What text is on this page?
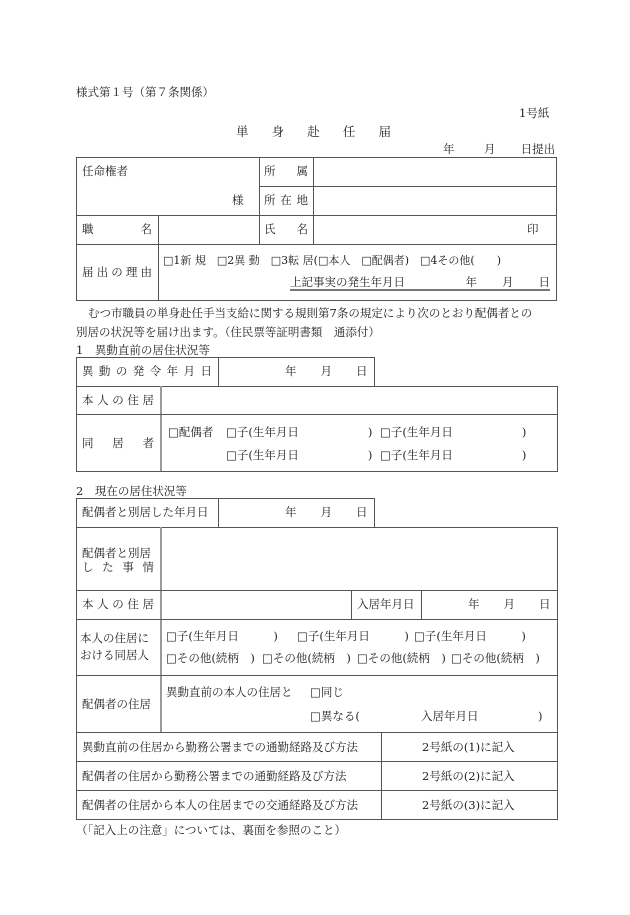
様式第１号（第７条関係）
1号紙
単 身 赴 任 届
年	月 日提出
任命権者
様
所 属
所 在 地
職	名	氏 名	印
届 出 の 理 由
□1新 規　□2異 動　□3転 居(□本人　□配偶者)　□4その他(　　)
上記事実の発生年月日	年 月 日
むつ市職員の単身赴任手当支給に関する規則第7条の規定により次のとおり配偶者との
別居の状況等を届け出ます。（住民票等証明書類　通添付）
1　異動直前の居住状況等
異 動 の 発 令 年 月 日	年 月 日
本 人 の 住 居
同 居 者
□配偶者 □子(生年月日　　　　　　) □子(生年月日　　　　　　)
□子(生年月日　　　　　　) □子(生年月日　　　　　　)
2　現在の居住状況等
配偶者と別居した年月日	年 月 日
配偶者と別居
し た 事 情
本 人 の 住 居	入居年月日	年 月 日
本人の住居に
おける同居人
□子(生年月日　　　) □子(生年月日　　　) □子(生年月日　　　)
□その他(続柄　) □その他(続柄　) □その他(続柄　) □その他(続柄　)
配偶者の住居
異動直前の本人の住居と □同じ
□異なる(	入居年月日	)
異動直前の住居から勤務公署までの通勤経路及び方法	2号紙の(1)に記入
配偶者の住居から勤務公署までの通勤経路及び方法	2号紙の(2)に記入
配偶者の住居から本人の住居までの交通経路及び方法	2号紙の(3)に記入
（「記入上の注意」については、裏面を参照のこと）
